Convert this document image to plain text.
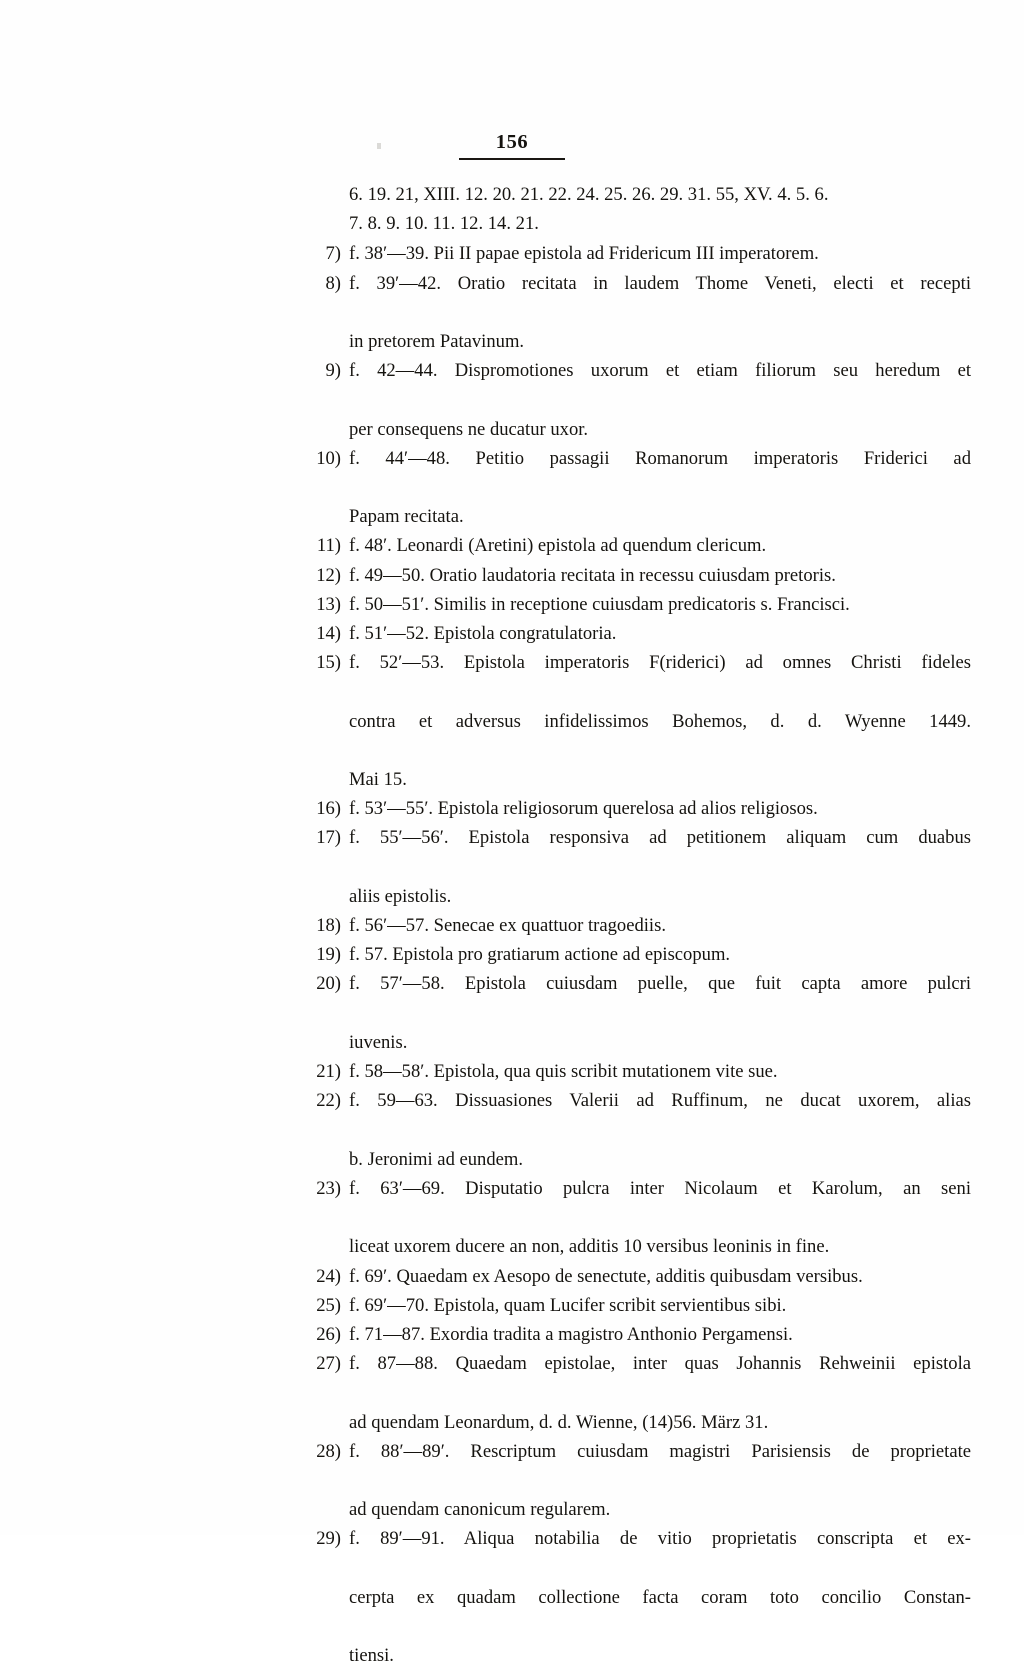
156
6. 19. 21, XIII. 12. 20. 21. 22. 24. 25. 26. 29. 31. 55, XV. 4. 5. 6.
7. 8. 9. 10. 11. 12. 14. 21.
7) f. 38′—39. Pii II papae epistola ad Fridericum III imperatorem.
8) f. 39′—42. Oratio recitata in laudem Thome Veneti, electi et recepti
in pretorem Patavinum.
9) f. 42—44. Dispromotiones uxorum et etiam filiorum seu heredum et
per consequens ne ducatur uxor.
10) f. 44′—48. Petitio passagii Romanorum imperatoris Friderici ad
Papam recitata.
11) f. 48′. Leonardi (Aretini) epistola ad quendum clericum.
12) f. 49—50. Oratio laudatoria recitata in recessu cuiusdam pretoris.
13) f. 50—51′. Similis in receptione cuiusdam predicatoris s. Francisci.
14) f. 51′—52. Epistola congratulatoria.
15) f. 52′—53. Epistola imperatoris F(riderici) ad omnes Christi fideles
contra et adversus infidelissimos Bohemos, d. d. Wyenne 1449.
Mai 15.
16) f. 53′—55′. Epistola religiosorum querelosa ad alios religiosos.
17) f. 55′—56′. Epistola responsiva ad petitionem aliquam cum duabus
aliis epistolis.
18) f. 56′—57. Senecae ex quattuor tragoediis.
19) f. 57. Epistola pro gratiarum actione ad episcopum.
20) f. 57′—58. Epistola cuiusdam puelle, que fuit capta amore pulcri
iuvenis.
21) f. 58—58′. Epistola, qua quis scribit mutationem vite sue.
22) f. 59—63. Dissuasiones Valerii ad Ruffinum, ne ducat uxorem, alias
b. Jeronimi ad eundem.
23) f. 63′—69. Disputatio pulcra inter Nicolaum et Karolum, an seni
liceat uxorem ducere an non, additis 10 versibus leoninis in fine.
24) f. 69′. Quaedam ex Aesopo de senectute, additis quibusdam versibus.
25) f. 69′—70. Epistola, quam Lucifer scribit servientibus sibi.
26) f. 71—87. Exordia tradita a magistro Anthonio Pergamensi.
27) f. 87—88. Quaedam epistolae, inter quas Johannis Rehweinii epistola
ad quendam Leonardum, d. d. Wienne, (14)56. März 31.
28) f. 88′—89′. Rescriptum cuiusdam magistri Parisiensis de proprietate
ad quendam canonicum regularem.
29) f. 89′—91. Aliqua notabilia de vitio proprietatis conscripta et ex-
cerpta ex quadam collectione facta coram toto concilio Constan-
tiensi.
